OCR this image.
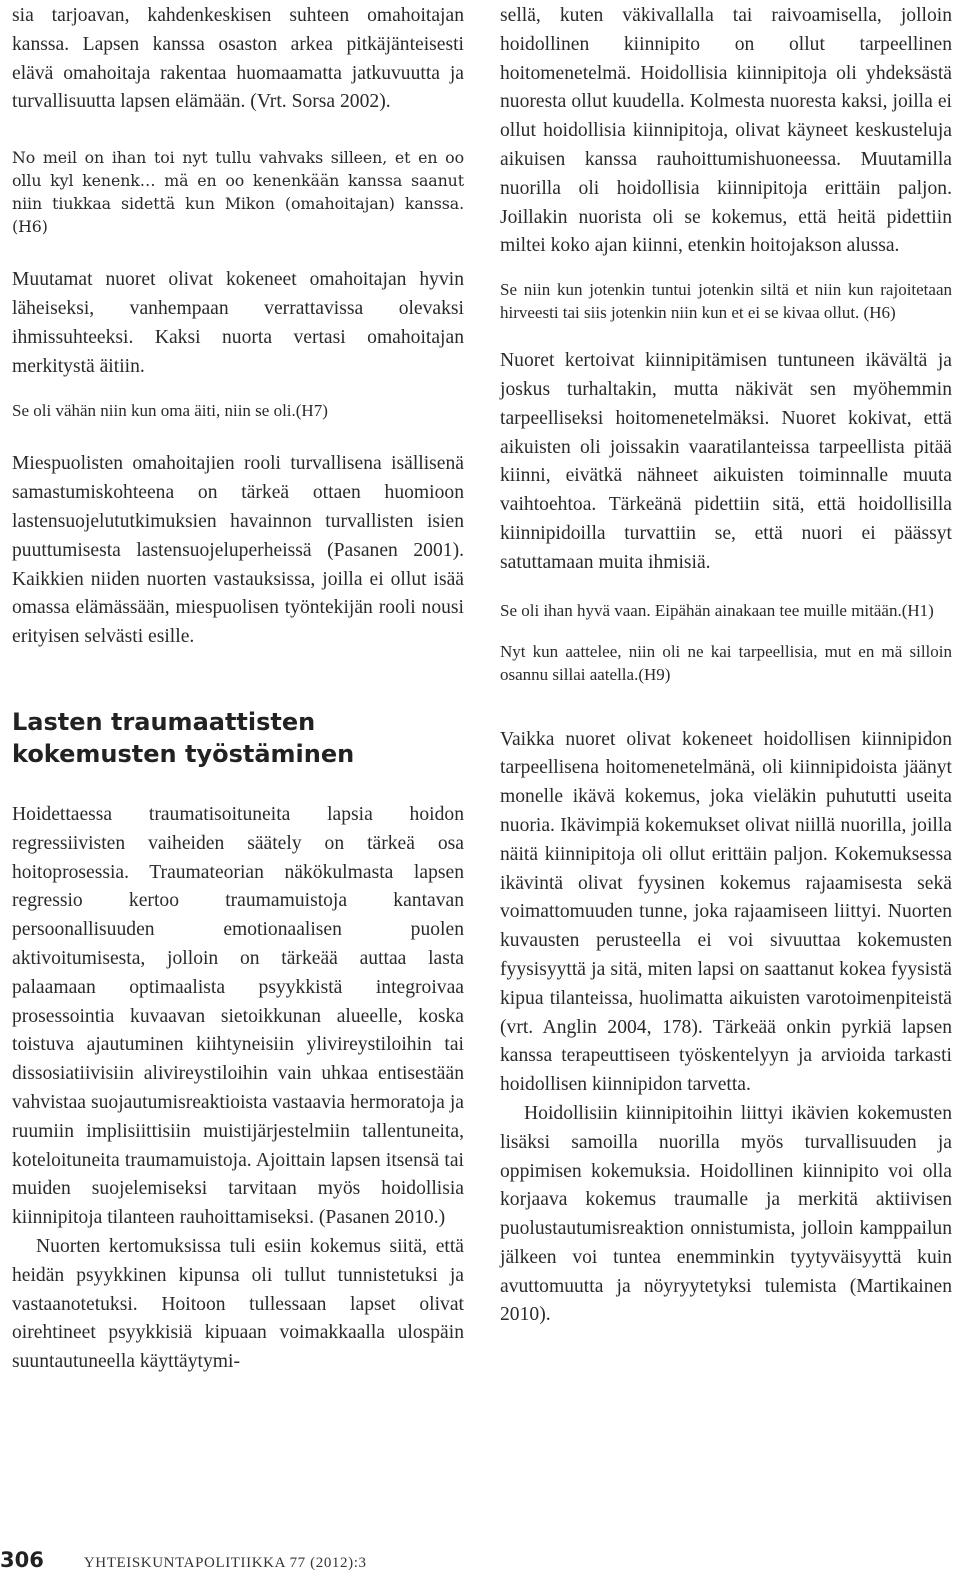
sia tarjoavan, kahdenkeskisen suhteen omahoitajan kanssa. Lapsen kanssa osaston arkea pitkäjänteisesti elävä omahoitaja rakentaa huomaamatta jatkuvuutta ja turvallisuutta lapsen elämään. (Vrt. Sorsa 2002).

No meil on ihan toi nyt tullu vahvaks silleen, et en oo ollu kyl kenenk… mä en oo kenenkään kanssa saanut niin tiukkaa sidettä kun Mikon (omahoitajan) kanssa.(H6)

Muutamat nuoret olivat kokeneet omahoitajan hyvin läheiseksi, vanhempaan verrattavissa olevaksi ihmissuhteeksi. Kaksi nuorta vertasi omahoitajan merkitystä äitiin.

Se oli vähän niin kun oma äiti, niin se oli.(H7)

Miespuolisten omahoitajien rooli turvallisena isällisenä samastumiskohteena on tärkeä ottaen huomioon lastensuojelututkimuksien havainnon turvallisten isien puuttumisesta lastensuojeluperheissä (Pasanen 2001). Kaikkien niiden nuorten vastauksissa, joilla ei ollut isää omassa elämässään, miespuolisen työntekijän rooli nousi erityisen selvästi esille.

Lasten traumaattisten kokemusten työstäminen

Hoidettaessa traumatisoituneita lapsia hoidon regressiivisten vaiheiden säätely on tärkeä osa hoitoprosessia. Traumateorian näkökulmasta lapsen regressio kertoo traumamuistoja kantavan persoonallisuuden emotionaalisen puolen aktivoitumisesta, jolloin on tärkeää auttaa lasta palaamaan optimaalista psyykkistä integroivaa prosessointia kuvaavan sietoikkunan alueelle, koska toistuva ajautuminen kiihtyneisiin ylivireystiloihin tai dissosiatiivisiin alivireystiloihin vain uhkaa entisestään vahvistaa suojautumisreaktioista vastaavia hermoratoja ja ruumiin implisiittisiin muistijärjestelmiin tallentuneita, koteloituneita traumamuistoja. Ajoittain lapsen itsensä tai muiden suojelemiseksi tarvitaan myös hoidollisia kiinnipitoja tilanteen rauhoittamiseksi. (Pasanen 2010.)

Nuorten kertomuksissa tuli esiin kokemus siitä, että heidän psyykkinen kipunsa oli tullut tunnistetuksi ja vastaanotetuksi. Hoitoon tullessaan lapset olivat oirehtineet psyykkisiä kipuaan voimakkaalla ulospäin suuntautuneella käyttäytymi-

sellä, kuten väkivallalla tai raivoamisella, jolloin hoidollinen kiinnipito on ollut tarpeellinen hoitomenetelmä. Hoidollisia kiinnipitoja oli yhdeksästä nuoresta ollut kuudella. Kolmesta nuoresta kaksi, joilla ei ollut hoidollisia kiinnipitoja, olivat käyneet keskusteluja aikuisen kanssa rauhoittumishuoneessa. Muutamilla nuorilla oli hoidollisia kiinnipitoja erittäin paljon. Joillakin nuorista oli se kokemus, että heitä pidettiin miltei koko ajan kiinni, etenkin hoitojakson alussa.

Se niin kun jotenkin tuntui jotenkin siltä et niin kun rajoitetaan hirveesti tai siis jotenkin niin kun et ei se kivaa ollut. (H6)

Nuoret kertoivat kiinnipitämisen tuntuneen ikävältä ja joskus turhaltakin, mutta näkivät sen myöhemmin tarpeelliseksi hoitomenetelmäksi. Nuoret kokivat, että aikuisten oli joissakin vaaratilanteissa tarpeellista pitää kiinni, eivätkä nähneet aikuisten toiminnalle muuta vaihtoehtoa. Tärkeänä pidettiin sitä, että hoidollisilla kiinnipidoilla turvattiin se, että nuori ei päässyt satuttamaan muita ihmisiä.

Se oli ihan hyvä vaan. Eipähän ainakaan tee muille mitään.(H1)

Nyt kun aattelee, niin oli ne kai tarpeellisia, mut en mä silloin osannu sillai aatella.(H9)

Vaikka nuoret olivat kokeneet hoidollisen kiinnipidon tarpeellisena hoitomenetelmänä, oli kiinnipidoista jäänyt monelle ikävä kokemus, joka vieläkin puhututti useita nuoria. Ikävimpiä kokemukset olivat niillä nuorilla, joilla näitä kiinnipitoja oli ollut erittäin paljon. Kokemuksessa ikävintä olivat fyysinen kokemus rajaamisesta sekä voimattomuuden tunne, joka rajaamiseen liittyi. Nuorten kuvausten perusteella ei voi sivuuttaa kokemusten fyysisyyttä ja sitä, miten lapsi on saattanut kokea fyysistä kipua tilanteissa, huolimatta aikuisten varotoimenpiteistä (vrt. Anglin 2004, 178). Tärkeää onkin pyrkiä lapsen kanssa terapeuttiseen työskentelyyn ja arvioida tarkasti hoidollisen kiinnipidon tarvetta.

Hoidollisiin kiinnipitoihin liittyi ikävien kokemusten lisäksi samoilla nuorilla myös turvallisuuden ja oppimisen kokemuksia. Hoidollinen kiinnipito voi olla korjaava kokemus traumalle ja merkitä aktiivisen puolustautumisreaktion onnistumista, jolloin kamppailun jälkeen voi tuntea enemminkin tyytyväisyyttä kuin avuttomuutta ja nöyryytetyksi tulemista (Martikainen 2010).

306	YHTEISKUNTAPOLITIIKKA 77 (2012):3
